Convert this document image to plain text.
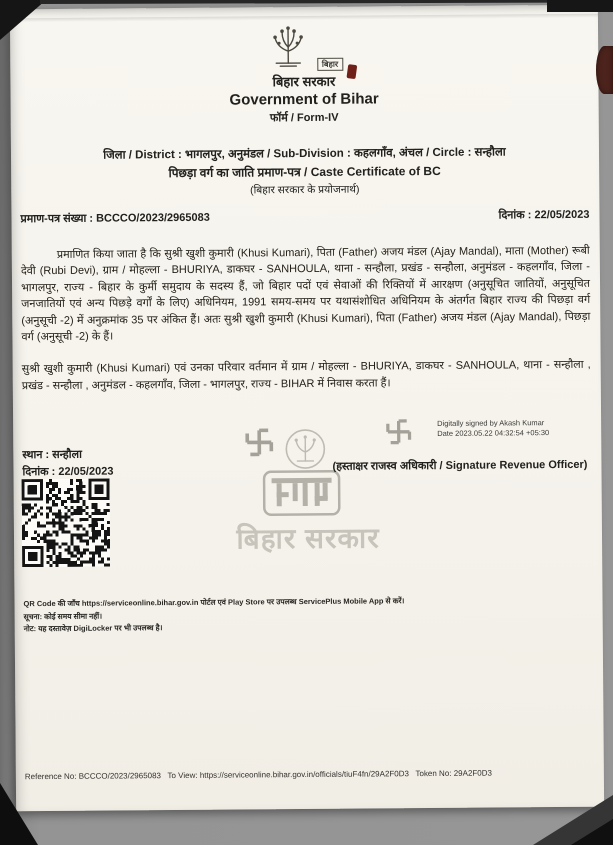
बिहार सरकार
बिहार
बिहार सरकार
Government of Bihar
फॉर्म / Form-IV
जिला / District : भागलपुर, अनुमंडल / Sub-Division : कहलगाँव, अंचल / Circle : सन्हौला
पिछड़ा वर्ग का जाति प्रमाण-पत्र / Caste Certificate of BC
(बिहार सरकार के प्रयोजनार्थ)
प्रमाण-पत्र संख्या : BCCCO/2023/2965083	दिनांक : 22/05/2023

प्रमाणित किया जाता है कि सुश्री खुशी कुमारी (Khusi Kumari), पिता (Father) अजय मंडल (Ajay Mandal), माता (Mother) रूबी देवी (Rubi Devi), ग्राम / मोहल्ला - BHURIYA, डाकघर - SANHOULA, थाना - सन्हौला, प्रखंड - सन्हौला, अनुमंडल - कहलगाँव, जिला - भागलपुर, राज्य - बिहार के कुर्मी समुदाय के सदस्य हैं, जो बिहार पदों एवं सेवाओं की रिक्तियों में आरक्षण (अनुसूचित जातियों, अनुसूचित जनजातियों एवं अन्य पिछड़े वर्गों के लिए) अधिनियम, 1991 समय-समय पर यथासंशोधित अधिनियम के अंतर्गत बिहार राज्य की पिछड़ा वर्ग (अनुसूची -2) में अनुक्रमांक 35 पर अंकित हैं। अतः सुश्री खुशी कुमारी (Khusi Kumari), पिता (Father) अजय मंडल (Ajay Mandal), पिछड़ा वर्ग (अनुसूची -2) के हैं।

सुश्री खुशी कुमारी (Khusi Kumari) एवं उनका परिवार वर्तमान में ग्राम / मोहल्ला - BHURIYA, डाकघर - SANHOULA, थाना - सन्हौला , प्रखंड - सन्हौला , अनुमंडल - कहलगाँव, जिला - भागलपुर, राज्य - BIHAR में निवास करता हैं।

Digitally signed by Akash Kumar
Date 2023.05.22 04:32:54 +05:30
स्थान : सन्हौला
दिनांक : 22/05/2023	(हस्ताक्षर राजस्व अधिकारी / Signature Revenue Officer)
QR Code की जाँच https://serviceonline.bihar.gov.in पोर्टल एवं Play Store पर उपलब्ध ServicePlus Mobile App से करें।
सूचना: कोई समय सीमा नहीं।
नोट: यह दस्तावेज़ DigiLocker पर भी उपलब्ध है।
Reference No: BCCCO/2023/2965083   To View: https://serviceonline.bihar.gov.in/officials/tiuF4fn/29A2F0D3   Token No: 29A2F0D3
